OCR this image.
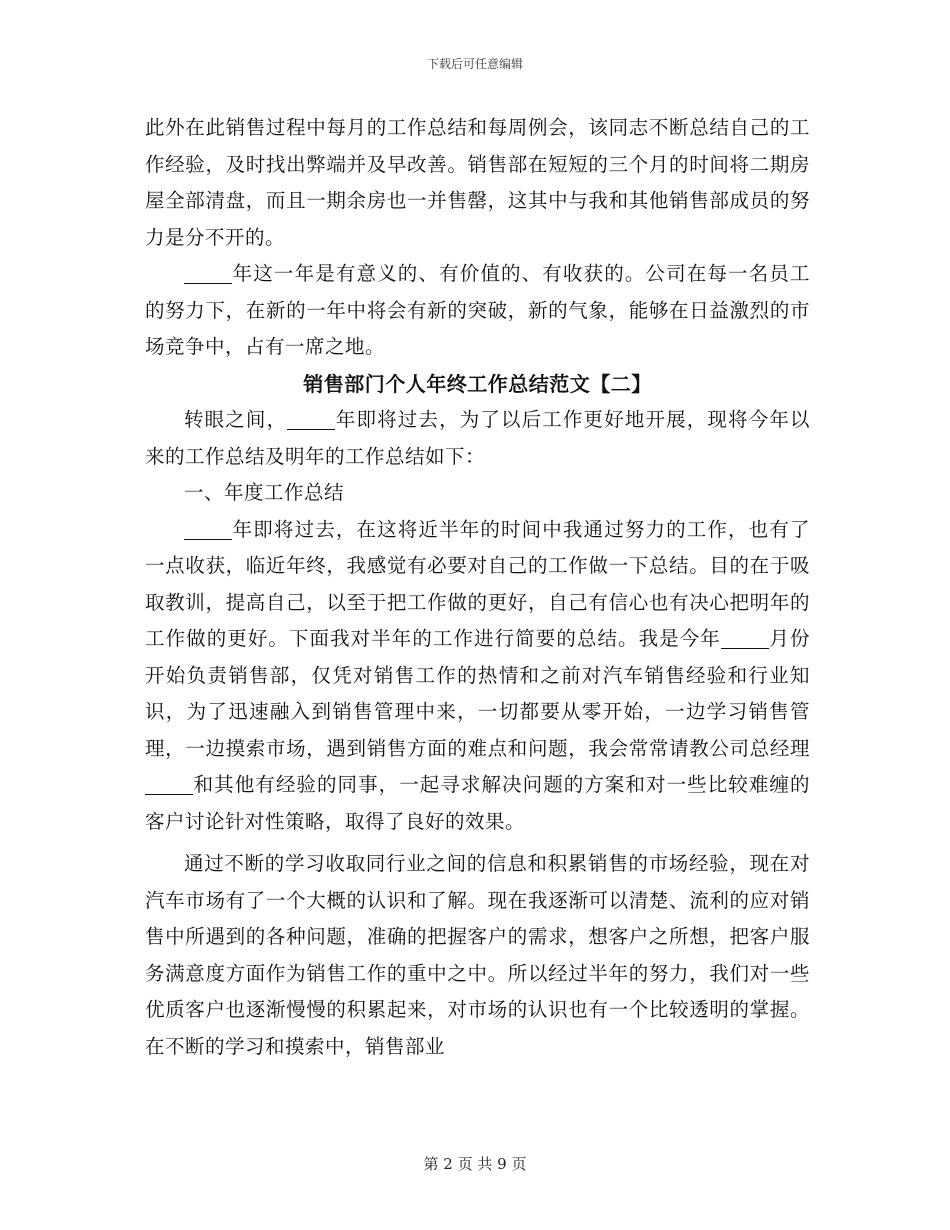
下载后可任意编辑

此外在此销售过程中每月的工作总结和每周例会，该同志不断总结自己的工作经验，及时找出弊端并及早改善。销售部在短短的三个月的时间将二期房屋全部清盘，而且一期余房也一并售罄，这其中与我和其他销售部成员的努力是分不开的。

年这一年是有意义的、有价值的、有收获的。公司在每一名员工的努力下，在新的一年中将会有新的突破，新的气象，能够在日益激烈的市场竞争中，占有一席之地。

销售部门个人年终工作总结范文【二】

转眼之间， 年即将过去，为了以后工作更好地开展，现将今年以来的工作总结及明年的工作总结如下：

一、年度工作总结

年即将过去，在这将近半年的时间中我通过努力的工作，也有了一点收获，临近年终，我感觉有必要对自己的工作做一下总结。目的在于吸取教训，提高自己，以至于把工作做的更好，自己有信心也有决心把明年的工作做的更好。下面我对半年的工作进行简要的总结。我是今年 月份开始负责销售部，仅凭对销售工作的热情和之前对汽车销售经验和行业知识，为了迅速融入到销售管理中来，一切都要从零开始，一边学习销售管理，一边摸索市场，遇到销售方面的难点和问题，我会常常请教公司总经理和其他有经验的同事，一起寻求解决问题的方案和对一些比较难缠的客户讨论针对性策略，取得了良好的效果。

通过不断的学习收取同行业之间的信息和积累销售的市场经验，现在对汽车市场有了一个大概的认识和了解。现在我逐渐可以清楚、流利的应对销售中所遇到的各种问题，准确的把握客户的需求，想客户之所想，把客户服务满意度方面作为销售工作的重中之中。所以经过半年的努力，我们对一些优质客户也逐渐慢慢的积累起来，对市场的认识也有一个比较透明的掌握。在不断的学习和摸索中，销售部业

第 2 页 共 9 页
